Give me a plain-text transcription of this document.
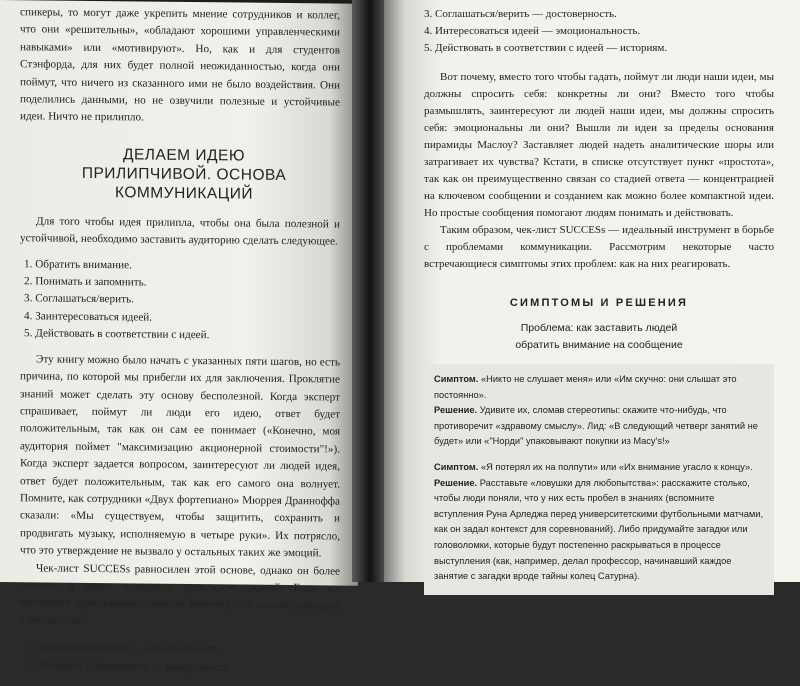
спикеры, то могут даже укрепить мнение сотрудников и коллег, что они «решительны», «обладают хорошими управленческими навыками» или «мотивируют». Но, как и для студентов Стэнфорда, для них будет полной неожиданностью, когда они поймут, что ничего из сказанного ими не было воздействия. Они поделились данными, но не озвучили полезные и устойчивые идеи. Ничто не прилипло.

ДЕЛАЕМ ИДЕЮ ПРИЛИПЧИВОЙ. ОСНОВА КОММУНИКАЦИЙ

Для того чтобы идея прилипла, чтобы она была полезной и устойчивой, необходимо заставить аудиторию сделать следующее.

1. Обратить внимание.
2. Понимать и запомнить.
3. Соглашаться/верить.
4. Заинтересоваться идеей.
5. Действовать в соответствии с идеей.

Эту книгу можно было начать с указанных пяти шагов, но есть причина, по которой мы прибегли их для заключения. Проклятие знаний может сделать эту основу бесполезной. Когда эксперт спрашивает, поймут ли люди его идею, ответ будет положительным, так как он сам ее понимает («Конечно, моя аудитория поймет "максимизацию акционерной стоимости"!»). Когда эксперт задается вопросом, заинтересуют ли людей идея, ответ будет положительным, так как его самого она волнует. Помните, как сотрудники «Двух фортепиано» Мюррея Дранноффа сказали: «Мы существуем, чтобы защитить, сохранить и продвигать музыку, исполняемую в четыре руки». Их потрясло, что это утверждение не вызвало у остальных таких же эмоций.

Чек-лист SUCCESs равносилен этой основе, однако он более осязаем и менее подвержен проклятию знаний. Если вы вспомните прочитанные главы, то заметите, что основа совпадает с чек-листом.

1. Обратить внимание — неожиданность.
2. Понимать и запоминать — конкретность.
3. Соглашаться/верить — достоверность.
4. Интересоваться идеей — эмоциональность.
5. Действовать в соответствии с идеей — историям.

Вот почему, вместо того чтобы гадать, поймут ли люди наши идеи, мы должны спросить себя: конкретны ли они? Вместо того чтобы размышлять, заинтересуют ли людей наши идеи, мы должны спросить себя: эмоциональны ли они? Вышли ли идеи за пределы основания пирамиды Маслоу? Заставляет людей надеть аналитические шоры или затрагивает их чувства? Кстати, в списке отсутствует пункт «простота», так как он преимущественно связан со стадией ответа — концентрацией на ключевом сообщении и созданием как можно более компактной идеи. Но простые сообщения помогают людям понимать и действовать.

Таким образом, чек-лист SUCCESs — идеальный инструмент в борьбе с проблемами коммуникации. Рассмотрим некоторые часто встречающиеся симптомы этих проблем: как на них реагировать.

СИМПТОМЫ И РЕШЕНИЯ
Проблема: как заставить людей
обратить внимание на сообщение
Симптом. «Никто не слушает меня» или «Им скучно: они слышат это постоянно».
Решение. Удивите их, сломав стереотипы: скажите что-нибудь, что противоречит «здравому смыслу». Лид: «В следующий четверг занятий не будет» или «"Норди" упаковывают покупки из Macy's!»
Симптом. «Я потерял их на полпути» или «Их внимание угасло к концу».
Решение. Расставьте «ловушки для любопытства»: расскажите столько, чтобы люди поняли, что у них есть пробел в знаниях (вспомните вступления Руна Арледжа перед университетскими футбольными матчами, как он задал контекст для соревнований). Либо придумайте загадки или головоломки, которые будут постепенно раскрываться в процессе выступления (как, например, делал профессор, начинавший каждое занятие с загадки вроде тайны колец Сатурна).
